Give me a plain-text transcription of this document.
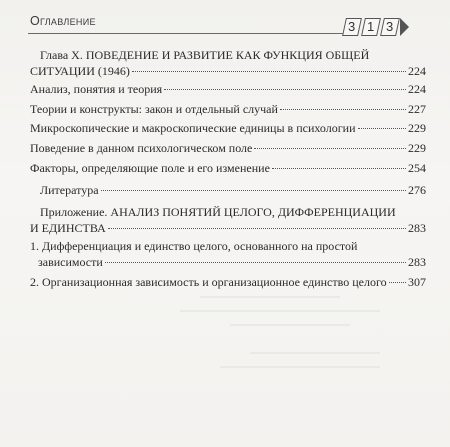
Оглавление	3 1 3
Глава X. ПОВЕДЕНИЕ И РАЗВИТИЕ КАК ФУНКЦИЯ ОБЩЕЙ
СИТУАЦИИ (1946)	224
Анализ, понятия и теория	224
Теории и конструкты: закон и отдельный случай	227
Микроскопические и макроскопические единицы в психологии	229
Поведение в данном психологическом поле	229
Факторы, определяющие поле и его изменение	254
Литература	276
Приложение. АНАЛИЗ ПОНЯТИЙ ЦЕЛОГО, ДИФФЕРЕНЦИАЦИИ
И ЕДИНСТВА	283
1. Дифференциация и единство целого, основанного на простой
зависимости	283
2. Организационная зависимость и организационное единство целого 307
